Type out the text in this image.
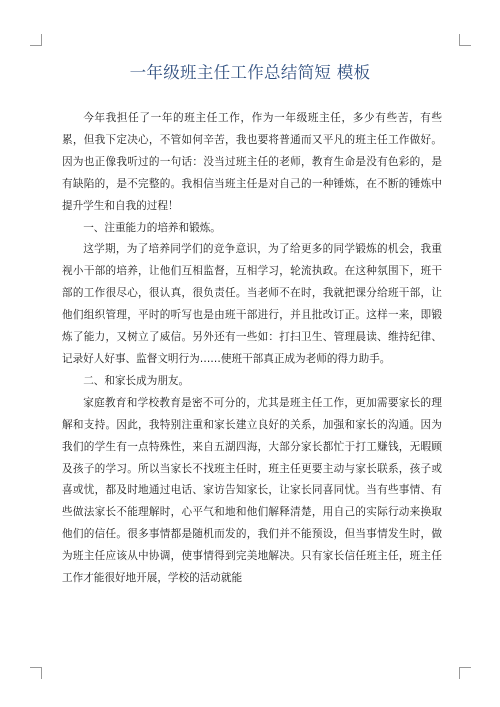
一年级班主任工作总结简短 模板

今年我担任了一年的班主任工作，作为一年级班主任，多少有些苦，有些累，但我下定决心，不管如何辛苦，我也要将普通而又平凡的班主任工作做好。因为也正像我听过的一句话：没当过班主任的老师，教育生命是没有色彩的，是有缺陷的，是不完整的。我相信当班主任是对自己的一种锤炼，在不断的锤炼中提升学生和自我的过程！

一、注重能力的培养和锻炼。

这学期，为了培养同学们的竞争意识，为了给更多的同学锻炼的机会，我重视小干部的培养，让他们互相监督，互相学习，轮流执政。在这种氛围下，班干部的工作很尽心，很认真，很负责任。当老师不在时，我就把课分给班干部，让他们组织管理，平时的听写也是由班干部进行，并且批改订正。这样一来，即锻炼了能力，又树立了威信。另外还有一些如：打扫卫生、管理晨读、维持纪律、记录好人好事、监督文明行为……使班干部真正成为老师的得力助手。

二、和家长成为朋友。

家庭教育和学校教育是密不可分的，尤其是班主任工作，更加需要家长的理解和支持。因此，我特别注重和家长建立良好的关系，加强和家长的沟通。因为我们的学生有一点特殊性，来自五湖四海，大部分家长都忙于打工赚钱，无暇顾及孩子的学习。所以当家长不找班主任时，班主任更要主动与家长联系，孩子或喜或忧，都及时地通过电话、家访告知家长，让家长同喜同忧。当有些事情、有些做法家长不能理解时，心平气和地和他们解释清楚，用自己的实际行动来换取他们的信任。很多事情都是随机而发的，我们并不能预设，但当事情发生时，做为班主任应该从中协调，使事情得到完美地解决。只有家长信任班主任，班主任工作才能很好地开展，学校的活动就能
